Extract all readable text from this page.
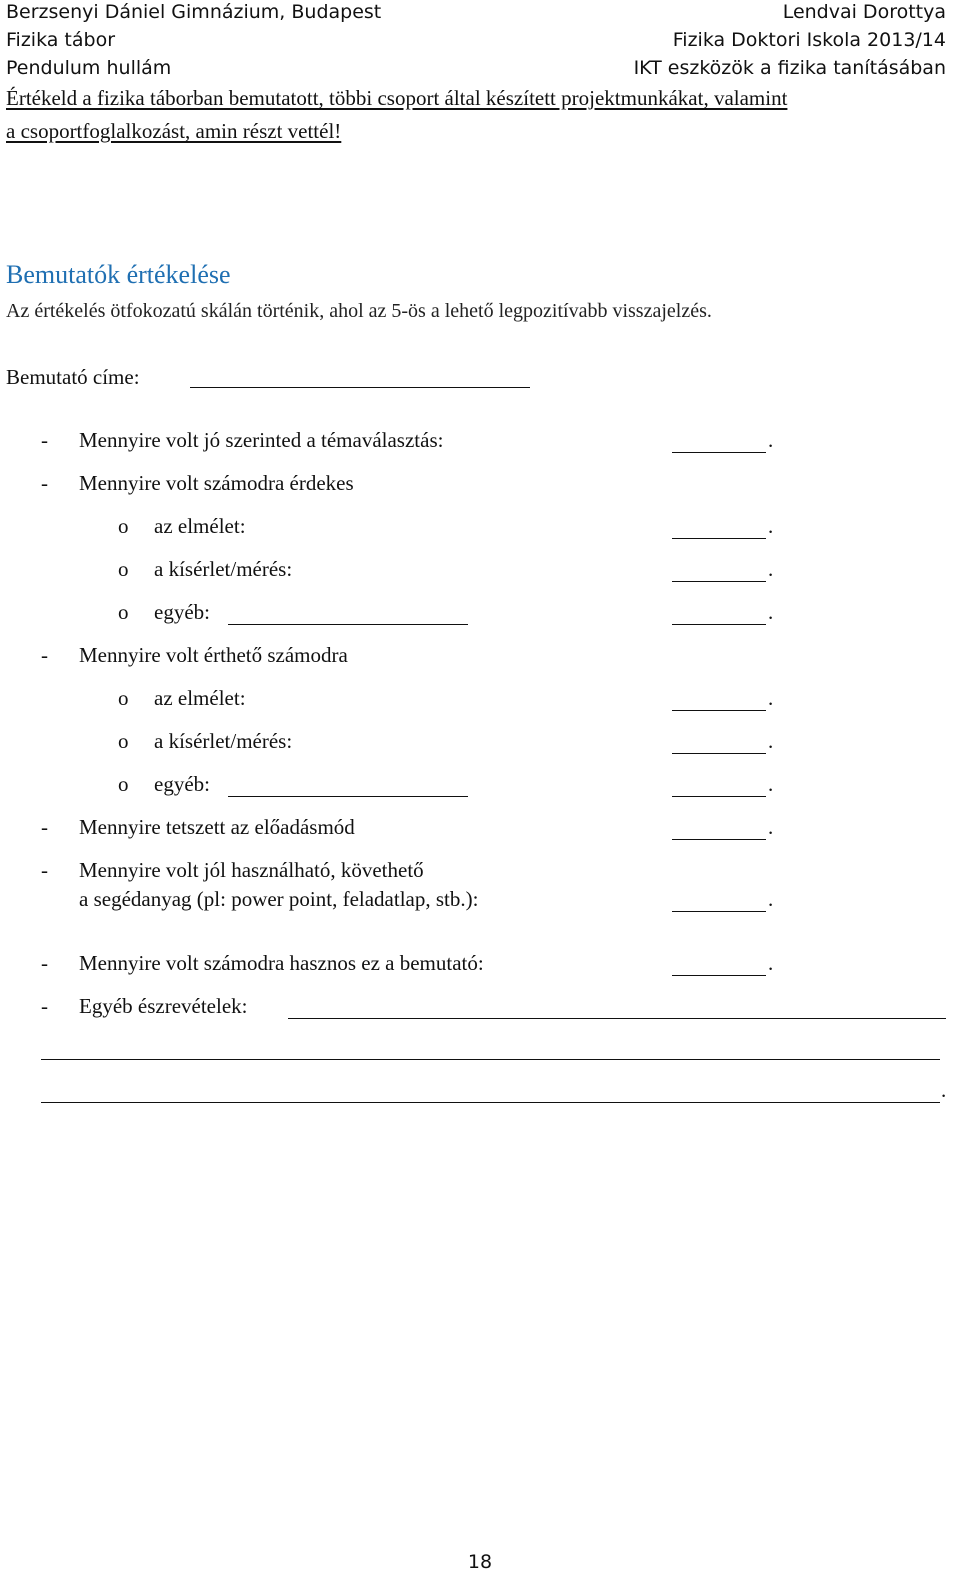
Berzsenyi Dániel Gimnázium, Budapest
Fizika tábor
Pendulum hullám
Lendvai Dorottya
Fizika Doktori Iskola 2013/14
IKT eszközök a fizika tanításában
Értékeld a fizika táborban bemutatott, többi csoport által készített projektmunkákat, valamint
a csoportfoglalkozást, amin részt vettél!
Bemutatók értékelése
Az értékelés ötfokozatú skálán történik, ahol az 5-ös a lehető legpozitívabb visszajelzés.
Bemutató címe:
- Mennyire volt jó szerinted a témaválasztás:	.
- Mennyire volt számodra érdekes
o az elmélet:	.
o a kísérlet/mérés:	.
o egyéb:	.
- Mennyire volt érthető számodra
o az elmélet:	.
o a kísérlet/mérés:	.
o egyéb:	.
- Mennyire tetszett az előadásmód	.
- Mennyire volt jól használható, követhető
a segédanyag (pl: power point, feladatlap, stb.):	.
- Mennyire volt számodra hasznos ez a bemutató:	.
- Egyéb észrevételek:
.
18
